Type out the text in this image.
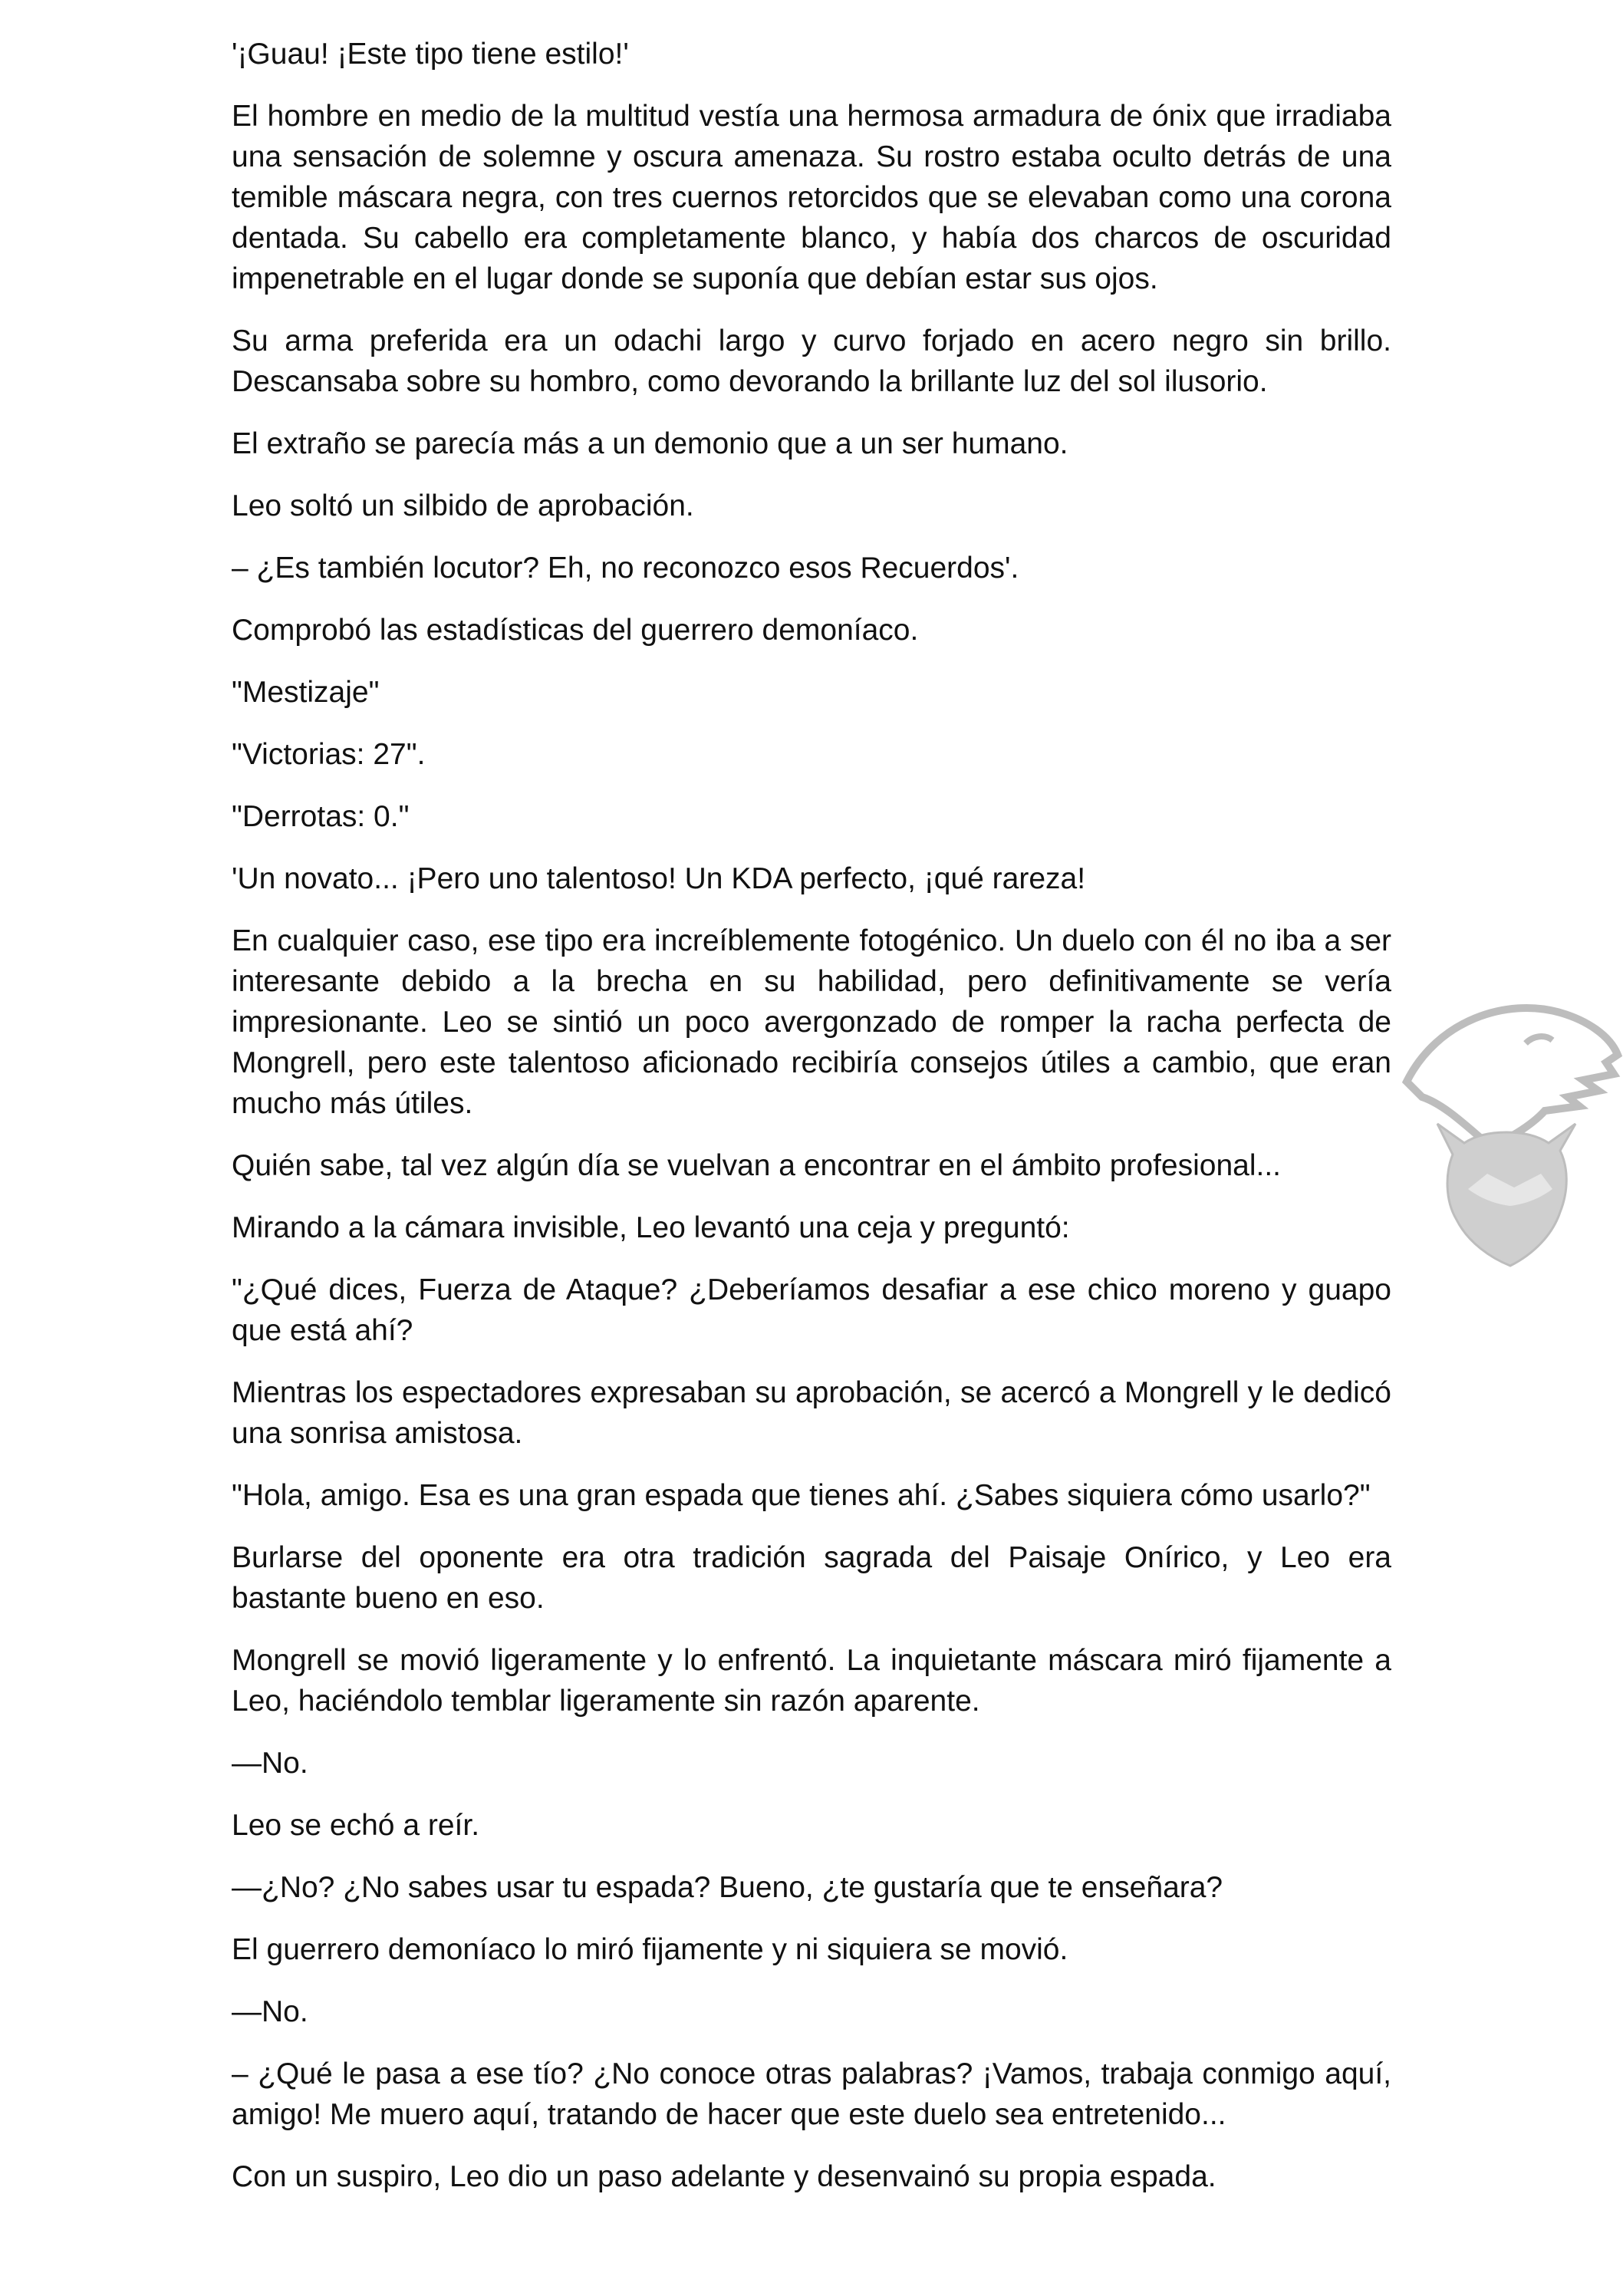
'¡Guau! ¡Este tipo tiene estilo!'

El hombre en medio de la multitud vestía una hermosa armadura de ónix que irradiaba una sensación de solemne y oscura amenaza. Su rostro estaba oculto detrás de una temible máscara negra, con tres cuernos retorcidos que se elevaban como una corona dentada. Su cabello era completamente blanco, y había dos charcos de oscuridad impenetrable en el lugar donde se suponía que debían estar sus ojos.

Su arma preferida era un odachi largo y curvo forjado en acero negro sin brillo. Descansaba sobre su hombro, como devorando la brillante luz del sol ilusorio.

El extraño se parecía más a un demonio que a un ser humano.

Leo soltó un silbido de aprobación.

– ¿Es también locutor? Eh, no reconozco esos Recuerdos'.

Comprobó las estadísticas del guerrero demoníaco.

"Mestizaje"

"Victorias: 27".

"Derrotas: 0."

'Un novato... ¡Pero uno talentoso! Un KDA perfecto, ¡qué rareza!

En cualquier caso, ese tipo era increíblemente fotogénico. Un duelo con él no iba a ser interesante debido a la brecha en su habilidad, pero definitivamente se vería impresionante. Leo se sintió un poco avergonzado de romper la racha perfecta de Mongrell, pero este talentoso aficionado recibiría consejos útiles a cambio, que eran mucho más útiles.

Quién sabe, tal vez algún día se vuelvan a encontrar en el ámbito profesional...

Mirando a la cámara invisible, Leo levantó una ceja y preguntó:

"¿Qué dices, Fuerza de Ataque? ¿Deberíamos desafiar a ese chico moreno y guapo que está ahí?

Mientras los espectadores expresaban su aprobación, se acercó a Mongrell y le dedicó una sonrisa amistosa.

"Hola, amigo. Esa es una gran espada que tienes ahí. ¿Sabes siquiera cómo usarlo?"

Burlarse del oponente era otra tradición sagrada del Paisaje Onírico, y Leo era bastante bueno en eso.

Mongrell se movió ligeramente y lo enfrentó. La inquietante máscara miró fijamente a Leo, haciéndolo temblar ligeramente sin razón aparente.

—No.

Leo se echó a reír.

—¿No? ¿No sabes usar tu espada? Bueno, ¿te gustaría que te enseñara?

El guerrero demoníaco lo miró fijamente y ni siquiera se movió.

—No.

– ¿Qué le pasa a ese tío? ¿No conoce otras palabras? ¡Vamos, trabaja conmigo aquí, amigo! Me muero aquí, tratando de hacer que este duelo sea entretenido...

Con un suspiro, Leo dio un paso adelante y desenvainó su propia espada.
